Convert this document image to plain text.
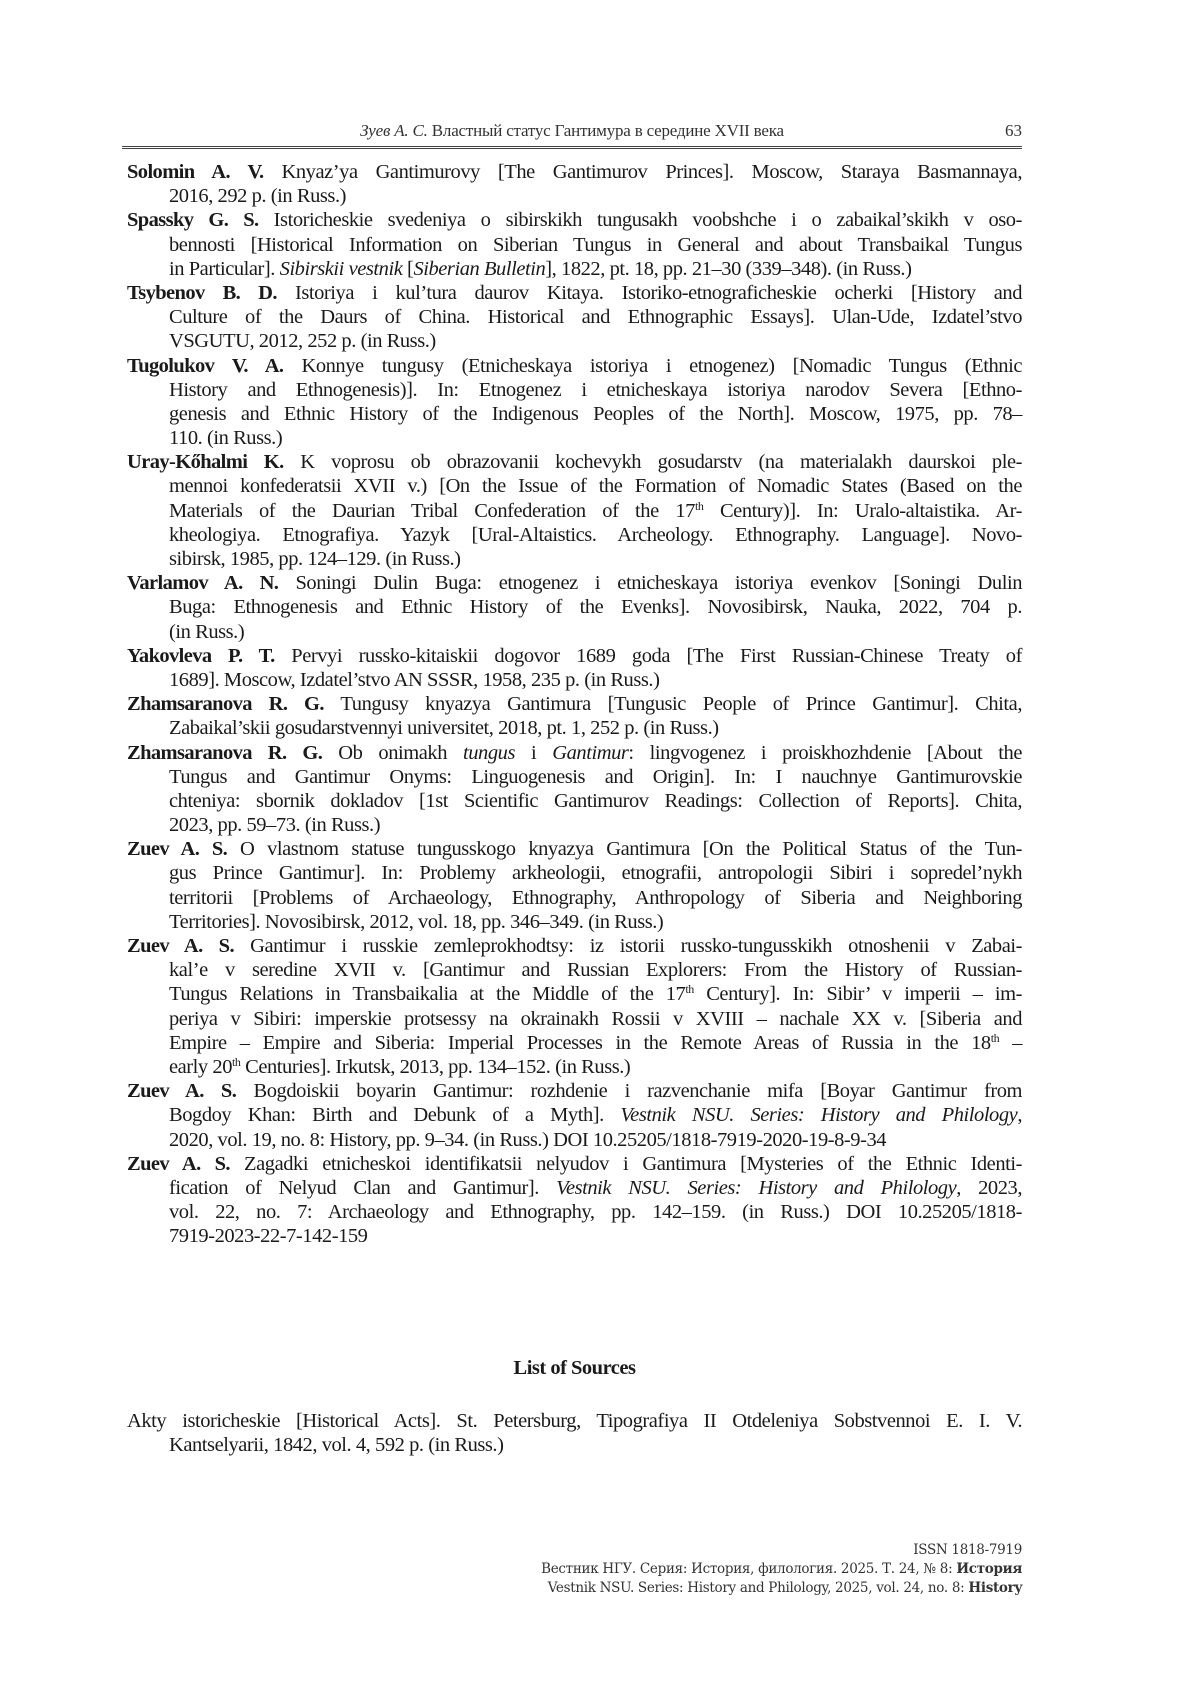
Зуев А. С. Властный статус Гантимура в середине XVII века	63
Solomin A. V. Knyaz’ya Gantimurovy [The Gantimurov Princes]. Moscow, Staraya Basmannaya,
2016, 292 p. (in Russ.)
Spassky G. S. Istoricheskie svedeniya o sibirskikh tungusakh voobshche i o zabaikal’skikh v oso-
bennosti [Historical Information on Siberian Tungus in General and about Transbaikal Tungus
in Particular]. Sibirskii vestnik [Siberian Bulletin], 1822, pt. 18, pp. 21–30 (339–348). (in Russ.)
Tsybenov B. D. Istoriya i kul’tura daurov Kitaya. Istoriko-etnograficheskie ocherki [History and
Culture of the Daurs of China. Historical and Ethnographic Essays]. Ulan-Ude, Izdatel’stvo
VSGUTU, 2012, 252 p. (in Russ.)
Tugolukov V. A. Konnye tungusy (Etnicheskaya istoriya i etnogenez) [Nomadic Tungus (Ethnic
History and Ethnogenesis)]. In: Etnogenez i etnicheskaya istoriya narodov Severa [Ethno-
genesis and Ethnic History of the Indigenous Peoples of the North]. Moscow, 1975, pp. 78–
110. (in Russ.)
Uray-Kőhalmi K. K voprosu ob obrazovanii kochevykh gosudarstv (na materialakh daurskoi ple-
mennoi konfederatsii XVII v.) [On the Issue of the Formation of Nomadic States (Based on the
Materials of the Daurian Tribal Confederation of the 17th Century)]. In: Uralo-altaistika. Ar-
kheologiya. Etnografiya. Yazyk [Ural-Altaistics. Archeology. Ethnography. Language]. Novo-
sibirsk, 1985, pp. 124–129. (in Russ.)
Varlamov A. N. Soningi Dulin Buga: etnogenez i etnicheskaya istoriya evenkov [Soningi Dulin
Buga: Ethnogenesis and Ethnic History of the Evenks]. Novosibirsk, Nauka, 2022, 704 p.
(in Russ.)
Yakovleva P. T. Pervyi russko-kitaiskii dogovor 1689 goda [The First Russian-Chinese Treaty of
1689]. Moscow, Izdatel’stvo AN SSSR, 1958, 235 p. (in Russ.)
Zhamsaranova R. G. Tungusy knyazya Gantimura [Tungusic People of Prince Gantimur]. Chita,
Zabaikal’skii gosudarstvennyi universitet, 2018, pt. 1, 252 p. (in Russ.)
Zhamsaranova R. G. Ob onimakh tungus i Gantimur: lingvogenez i proiskhozhdenie [About the
Tungus and Gantimur Onyms: Linguogenesis and Origin]. In: I nauchnye Gantimurovskie
chteniya: sbornik dokladov [1st Scientific Gantimurov Readings: Collection of Reports]. Chita,
2023, pp. 59–73. (in Russ.)
Zuev A. S. O vlastnom statuse tungusskogo knyazya Gantimura [On the Political Status of the Tun-
gus Prince Gantimur]. In: Problemy arkheologii, etnografii, antropologii Sibiri i sopredel’nykh
territorii [Problems of Archaeology, Ethnography, Anthropology of Siberia and Neighboring
Territories]. Novosibirsk, 2012, vol. 18, pp. 346–349. (in Russ.)
Zuev A. S. Gantimur i russkie zemleprokhodtsy: iz istorii russko-tungusskikh otnoshenii v Zabai-
kal’e v seredine XVII v. [Gantimur and Russian Explorers: From the History of Russian-
Tungus Relations in Transbaikalia at the Middle of the 17th Century]. In: Sibir’ v imperii – im-
periya v Sibiri: imperskie protsessy na okrainakh Rossii v XVIII – nachale XX v. [Siberia and
Empire – Empire and Siberia: Imperial Processes in the Remote Areas of Russia in the 18th –
early 20th Centuries]. Irkutsk, 2013, pp. 134–152. (in Russ.)
Zuev A. S. Bogdoiskii boyarin Gantimur: rozhdenie i razvenchanie mifa [Boyar Gantimur from
Bogdoy Khan: Birth and Debunk of a Myth]. Vestnik NSU. Series: History and Philology,
2020, vol. 19, no. 8: History, pp. 9–34. (in Russ.) DOI 10.25205/1818-7919-2020-19-8-9-34
Zuev A. S. Zagadki etnicheskoi identifikatsii nelyudov i Gantimura [Mysteries of the Ethnic Identi-
fication of Nelyud Clan and Gantimur]. Vestnik NSU. Series: History and Philology, 2023,
vol. 22, no. 7: Archaeology and Ethnography, pp. 142–159. (in Russ.) DOI 10.25205/1818-
7919-2023-22-7-142-159
List of Sources
Akty istoricheskie [Historical Acts]. St. Petersburg, Tipografiya II Otdeleniya Sobstvennoi E. I. V.
Kantselyarii, 1842, vol. 4, 592 p. (in Russ.)
ISSN 1818-7919
Вестник НГУ. Серия: История, филология. 2025. Т. 24, № 8: История
Vestnik NSU. Series: History and Philology, 2025, vol. 24, no. 8: History
